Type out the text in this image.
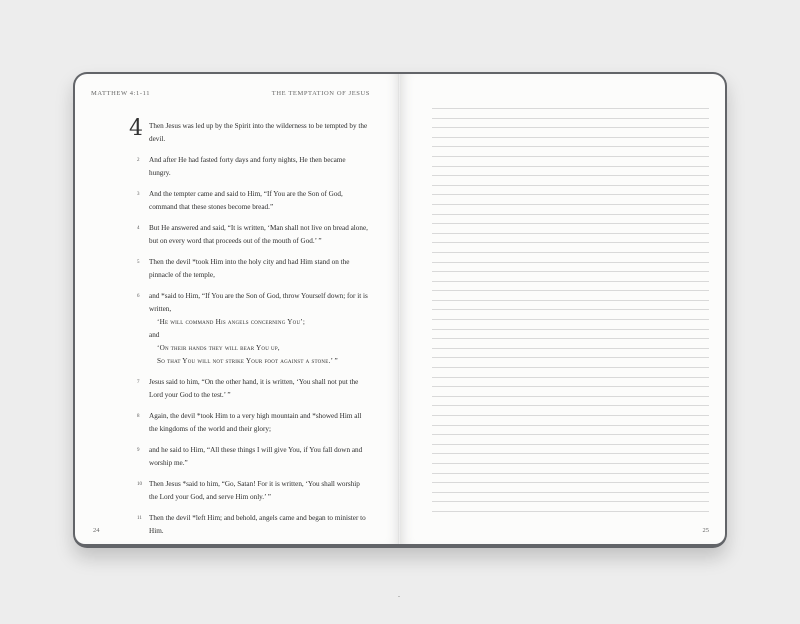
MATTHEW 4:1-11	THE TEMPTATION OF JESUS
4 Then Jesus was led up by the Spirit into the wilderness to be tempted by the devil.
2 And after He had fasted forty days and forty nights, He then became hungry.
3 And the tempter came and said to Him, “If You are the Son of God, command that these stones become bread.”
4 But He answered and said, “It is written, ‘Man shall not live on bread alone, but on every word that proceeds out of the mouth of God.’ ”
5 Then the devil *took Him into the holy city and had Him stand on the pinnacle of the temple,
6 and *said to Him, “If You are the Son of God, throw Yourself down; for it is written,
‘He will command His angels concerning You’;
and
‘On their hands they will bear You up,
So that You will not strike Your foot against a stone.’ ”
7 Jesus said to him, “On the other hand, it is written, ‘You shall not put the Lord your God to the test.’ ”
8 Again, the devil *took Him to a very high mountain and *showed Him all the kingdoms of the world and their glory;
9 and he said to Him, “All these things I will give You, if You fall down and worship me.”
10 Then Jesus *said to him, “Go, Satan! For it is written, ‘You shall worship the Lord your God, and serve Him only.’ ”
11 Then the devil *left Him; and behold, angels came and began to minister to Him.
24	25
